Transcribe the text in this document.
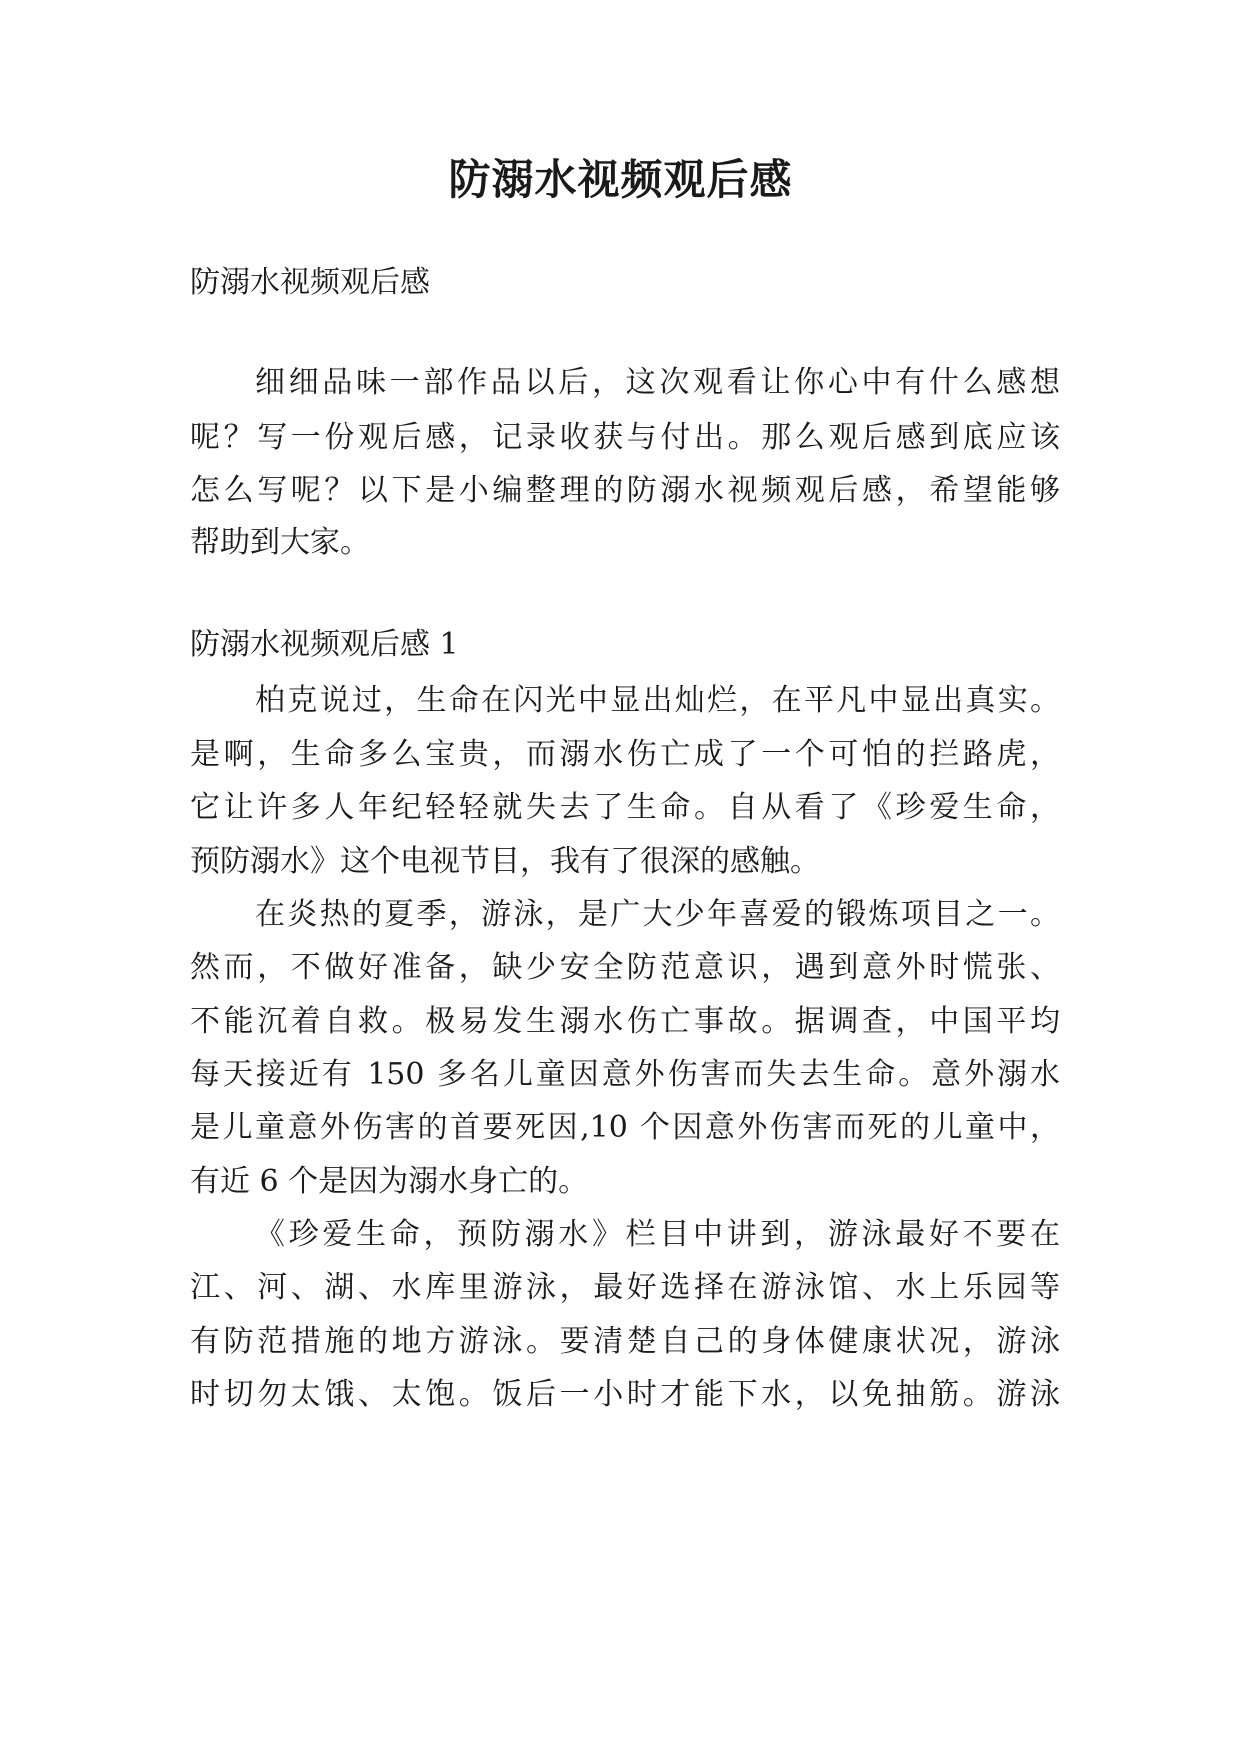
防溺水视频观后感

防溺水视频观后感

细细品味一部作品以后，这次观看让你心中有什么感想

呢？写一份观后感，记录收获与付出。那么观后感到底应该

怎么写呢？以下是小编整理的防溺水视频观后感，希望能够

帮助到大家。

防溺水视频观后感 1

柏克说过，生命在闪光中显出灿烂，在平凡中显出真实。

是啊，生命多么宝贵，而溺水伤亡成了一个可怕的拦路虎，

它让许多人年纪轻轻就失去了生命。自从看了《珍爱生命，

预防溺水》这个电视节目，我有了很深的感触。

在炎热的夏季，游泳，是广大少年喜爱的锻炼项目之一。

然而，不做好准备，缺少安全防范意识，遇到意外时慌张、

不能沉着自救。极易发生溺水伤亡事故。据调查，中国平均

每天接近有 150 多名儿童因意外伤害而失去生命。意外溺水

是儿童意外伤害的首要死因,10 个因意外伤害而死的儿童中，

有近 6 个是因为溺水身亡的。

《珍爱生命，预防溺水》栏目中讲到，游泳最好不要在

江、河、湖、水库里游泳，最好选择在游泳馆、水上乐园等

有防范措施的地方游泳。要清楚自己的身体健康状况，游泳

时切勿太饿、太饱。饭后一小时才能下水，以免抽筋。游泳
